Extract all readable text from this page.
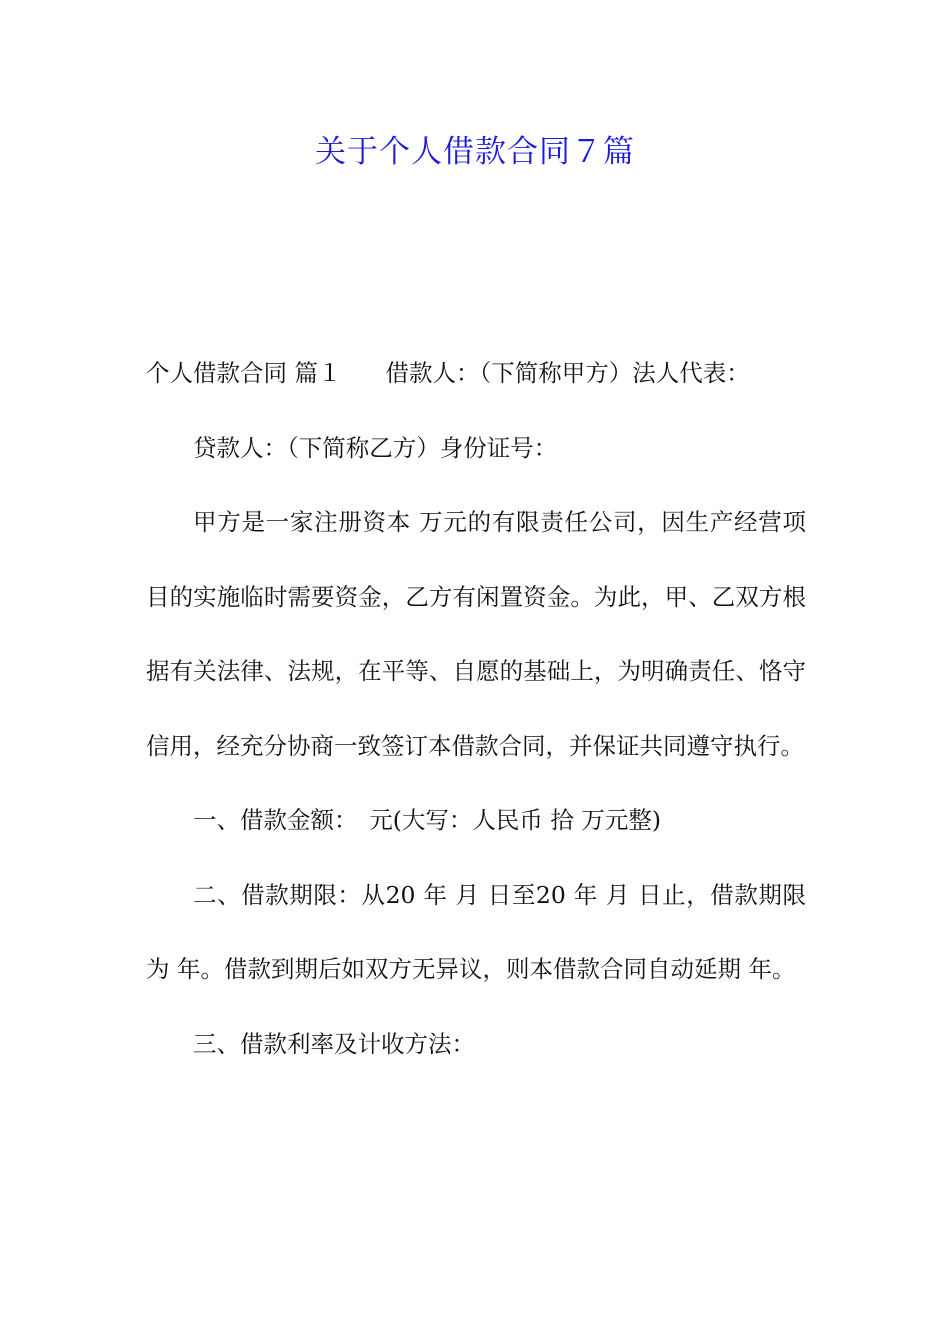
关于个人借款合同７篇

个人借款合同 篇１ 借款人：（下简称甲方）法人代表：

贷款人：（下简称乙方）身份证号：

甲方是一家注册资本 万元的有限责任公司，因生产经营项目的实施临时需要资金，乙方有闲置资金。为此，甲、乙双方根据有关法律、法规，在平等、自愿的基础上，为明确责任、恪守信用，经充分协商一致签订本借款合同，并保证共同遵守执行。

一、借款金额：　元(大写：人民币 拾 万元整)

二、借款期限：从20 年 月 日至20 年 月 日止，借款期限为 年。借款到期后如双方无异议，则本借款合同自动延期 年。

三、借款利率及计收方法：
